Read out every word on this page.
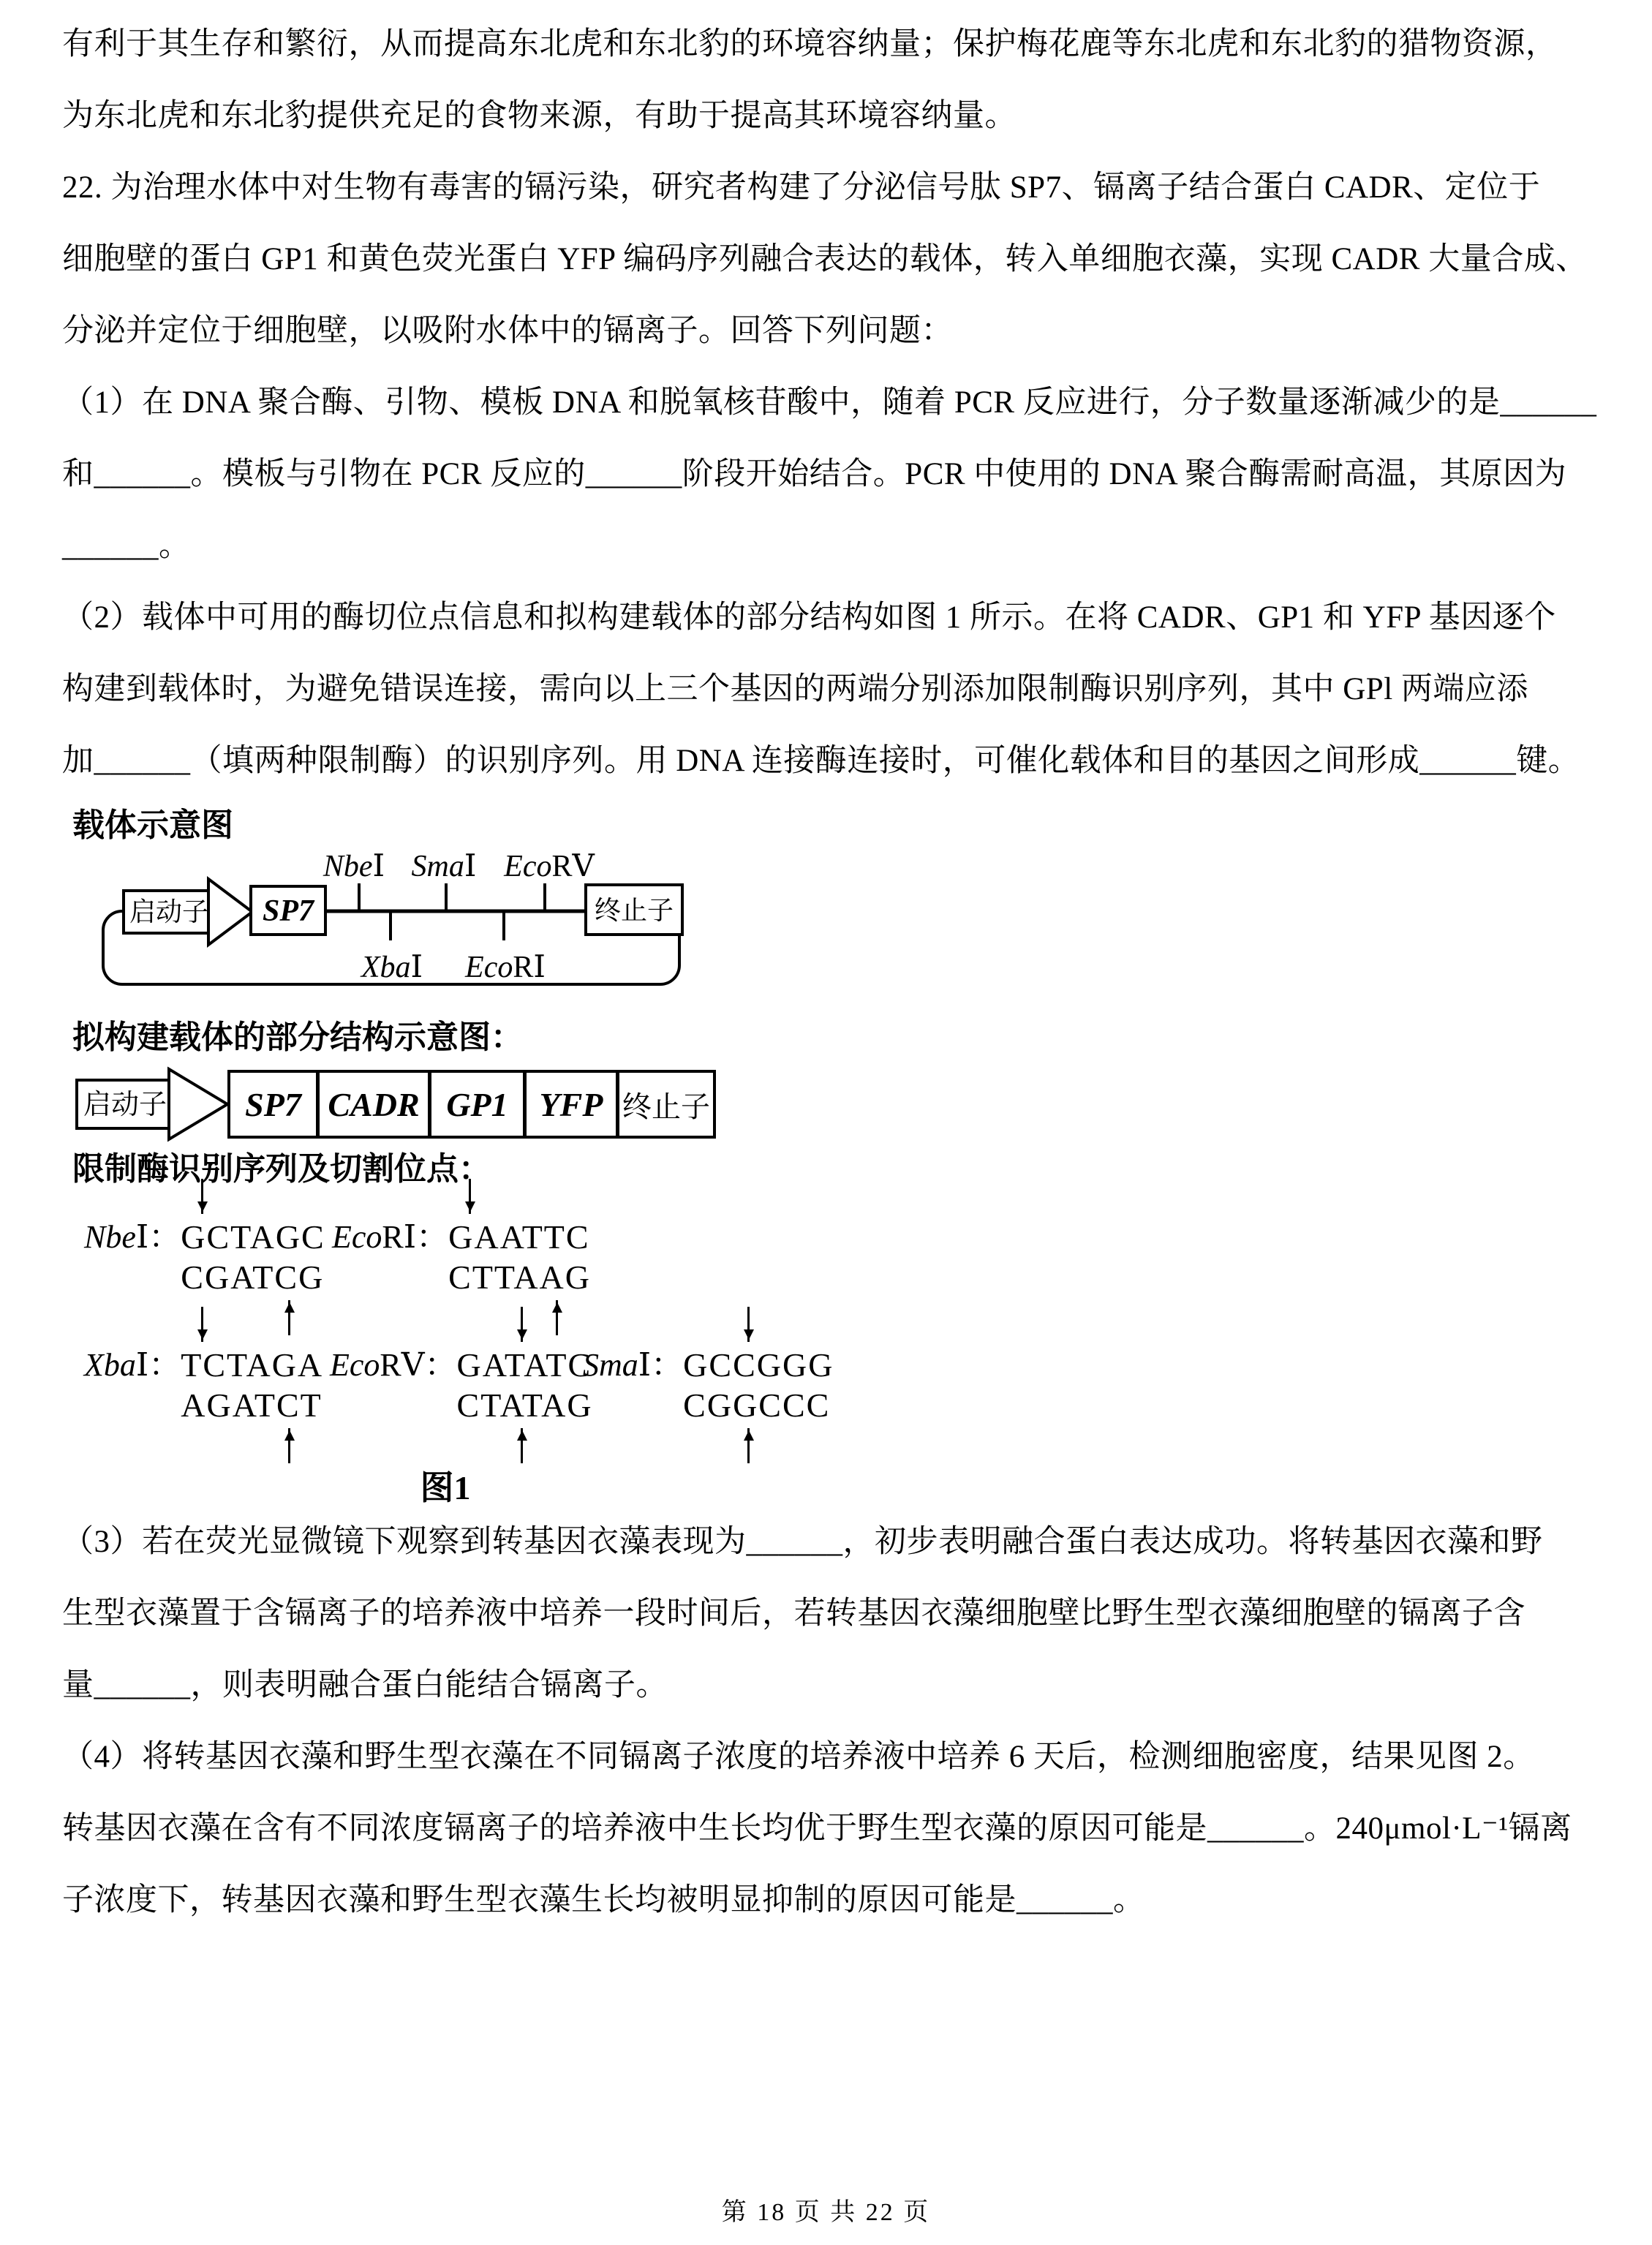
有利于其生存和繁衍，从而提高东北虎和东北豹的环境容纳量；保护梅花鹿等东北虎和东北豹的猎物资源，
为东北虎和东北豹提供充足的食物来源，有助于提高其环境容纳量。
22. 为治理水体中对生物有毒害的镉污染，研究者构建了分泌信号肽 SP7、镉离子结合蛋白 CADR、定位于
细胞壁的蛋白 GP1 和黄色荧光蛋白 YFP 编码序列融合表达的载体，转入单细胞衣藻，实现 CADR 大量合成、
分泌并定位于细胞壁，以吸附水体中的镉离子。回答下列问题：
（1）在 DNA 聚合酶、引物、模板 DNA 和脱氧核苷酸中，随着 PCR 反应进行，分子数量逐渐减少的是______
和______。模板与引物在 PCR 反应的______阶段开始结合。PCR 中使用的 DNA 聚合酶需耐高温，其原因为
______。
（2）载体中可用的酶切位点信息和拟构建载体的部分结构如图 1 所示。在将 CADR、GP1 和 YFP 基因逐个
构建到载体时，为避免错误连接，需向以上三个基因的两端分别添加限制酶识别序列，其中 GPl 两端应添
加______（填两种限制酶）的识别序列。用 DNA 连接酶连接时，可催化载体和目的基因之间形成______键。
载体示意图
启动子 SP7	终止子
NbeⅠ SmaⅠ EcoRⅤ
XbaⅠ EcoRⅠ
拟构建载体的部分结构示意图：
启动子	SP7 CADR GP1 YFP 终止子
限制酶识别序列及切割位点：
NbeⅠ： GCTAGC
CGATCG
EcoRⅠ： GAATTC
CTTAAG
XbaⅠ： TCTAGA
AGATCT
EcoRⅤ： GATATC
CTATAG
SmaⅠ： GCCGGG
CGGCCC
图1
（3）若在荧光显微镜下观察到转基因衣藻表现为______，初步表明融合蛋白表达成功。将转基因衣藻和野
生型衣藻置于含镉离子的培养液中培养一段时间后，若转基因衣藻细胞壁比野生型衣藻细胞壁的镉离子含
量______，则表明融合蛋白能结合镉离子。
（4）将转基因衣藻和野生型衣藻在不同镉离子浓度的培养液中培养 6 天后，检测细胞密度，结果见图 2。
转基因衣藻在含有不同浓度镉离子的培养液中生长均优于野生型衣藻的原因可能是______。240μmol·L⁻¹镉离
子浓度下，转基因衣藻和野生型衣藻生长均被明显抑制的原因可能是______。
第 18 页 共 22 页
